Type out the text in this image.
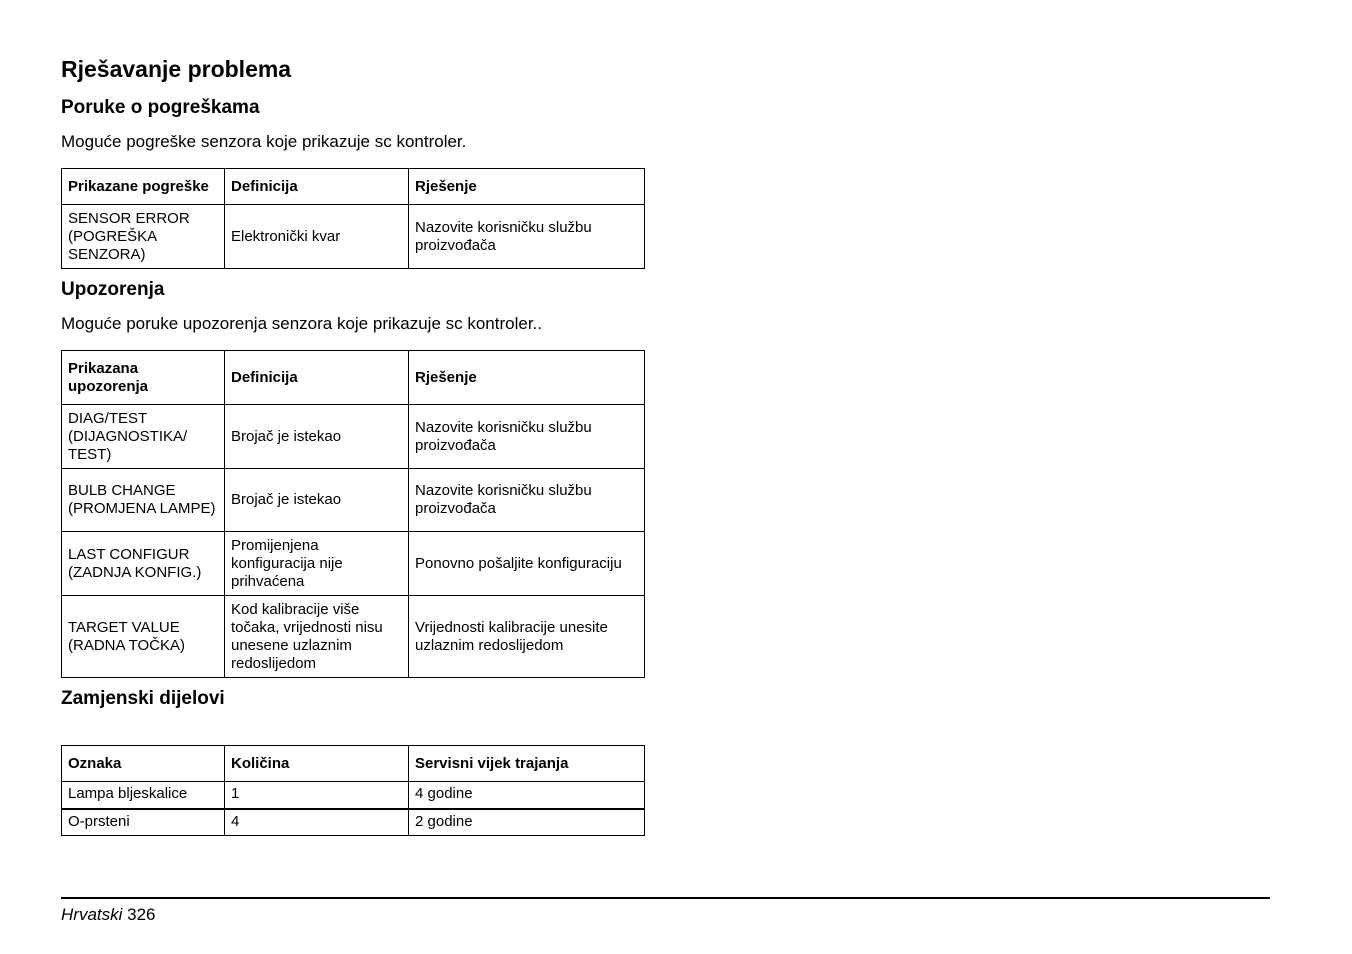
Rješavanje problema
Poruke o pogreškama

Moguće pogreške senzora koje prikazuje sc kontroler.

Prikazane pogreške	Definicija	Rješenje
SENSOR ERROR (POGREŠKA SENZORA)	Elektronički kvar	Nazovite korisničku službu proizvođača
Upozorenja

Moguće poruke upozorenja senzora koje prikazuje sc kontroler..

Prikazana upozorenja	Definicija	Rješenje
DIAG/TEST (DIJAGNOSTIKA/ TEST)	Brojač je istekao	Nazovite korisničku službu proizvođača
BULB CHANGE (PROMJENA LAMPE)	Brojač je istekao	Nazovite korisničku službu proizvođača
LAST CONFIGUR (ZADNJA KONFIG.)	Promijenjena konfiguracija nije prihvaćena	Ponovno pošaljite konfiguraciju
TARGET VALUE (RADNA TOČKA)	Kod kalibracije više točaka, vrijednosti nisu unesene uzlaznim redoslijedom	Vrijednosti kalibracije unesite uzlaznim redoslijedom
Zamjenski dijelovi
Oznaka	Količina	Servisni vijek trajanja
Lampa bljeskalice	1	4 godine
O-prsteni	4	2 godine
Hrvatski 326
